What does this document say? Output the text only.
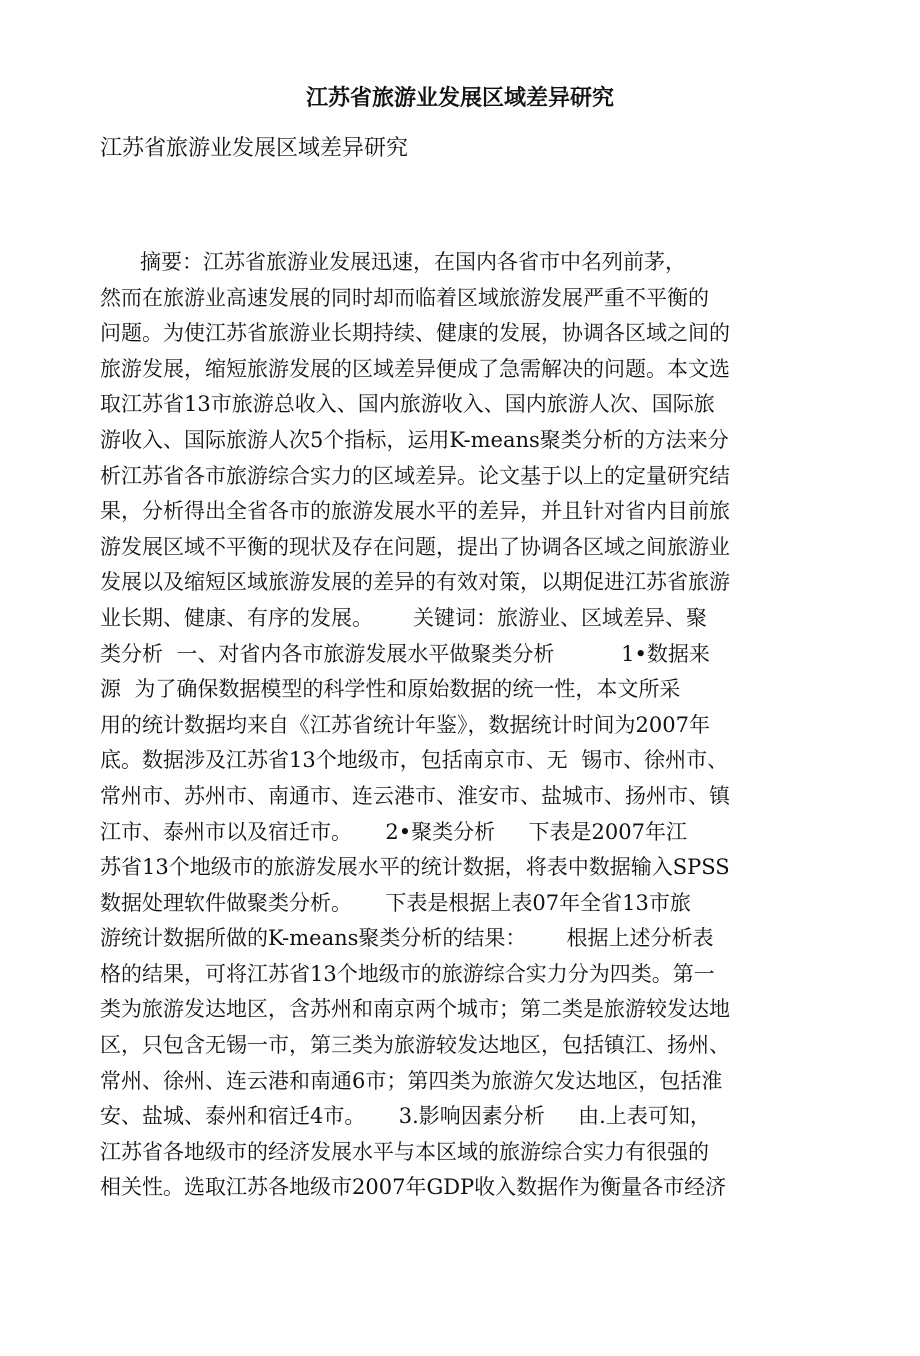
江苏省旅游业发展区域差异研究

江苏省旅游业发展区域差异研究

摘要：江苏省旅游业发展迅速，在国内各省市中名列前茅，
然而在旅游业高速发展的同时却而临着区域旅游发展严重不平衡的
问题。为使江苏省旅游业长期持续、健康的发展，协调各区域之间的
旅游发展，缩短旅游发展的区域差异便成了急需解决的问题。本文选
取江苏省13市旅游总收入、国内旅游收入、国内旅游人次、国际旅
游收入、国际旅游人次5个指标，运用K-means聚类分析的方法来分
析江苏省各市旅游综合实力的区域差异。论文基于以上的定量研究结
果，分析得出全省各市的旅游发展水平的差异，并且针对省内目前旅
游发展区域不平衡的现状及存在问题，提出了协调各区域之间旅游业
发展以及缩短区域旅游发展的差异的有效对策，以期促进江苏省旅游
业长期、健康、有序的发展。      关键词：旅游业、区域差异、聚
类分析  一、对省内各市旅游发展水平做聚类分析          1•数据来
源  为了确保数据模型的科学性和原始数据的统一性，本文所采
用的统计数据均来自《江苏省统计年鉴》，数据统计时间为2007年
底。数据涉及江苏省13个地级市，包括南京市、无  锡市、徐州市、
常州市、苏州市、南通市、连云港市、淮安市、盐城市、扬州市、镇
江市、泰州市以及宿迁市。     2•聚类分析     下表是2007年江
苏省13个地级市的旅游发展水平的统计数据，将表中数据输入SPSS
数据处理软件做聚类分析。     下表是根据上表07年全省13市旅
游统计数据所做的K-means聚类分析的结果：      根据上述分析表
格的结果，可将江苏省13个地级市的旅游综合实力分为四类。第一
类为旅游发达地区，含苏州和南京两个城市；第二类是旅游较发达地
区，只包含无锡一市，第三类为旅游较发达地区，包括镇江、扬州、
常州、徐州、连云港和南通6市；第四类为旅游欠发达地区，包括淮
安、盐城、泰州和宿迁4市。     3.影响因素分析     由.上表可知，
江苏省各地级市的经济发展水平与本区域的旅游综合实力有很强的
相关性。选取江苏各地级市2007年GDP收入数据作为衡量各市经济
